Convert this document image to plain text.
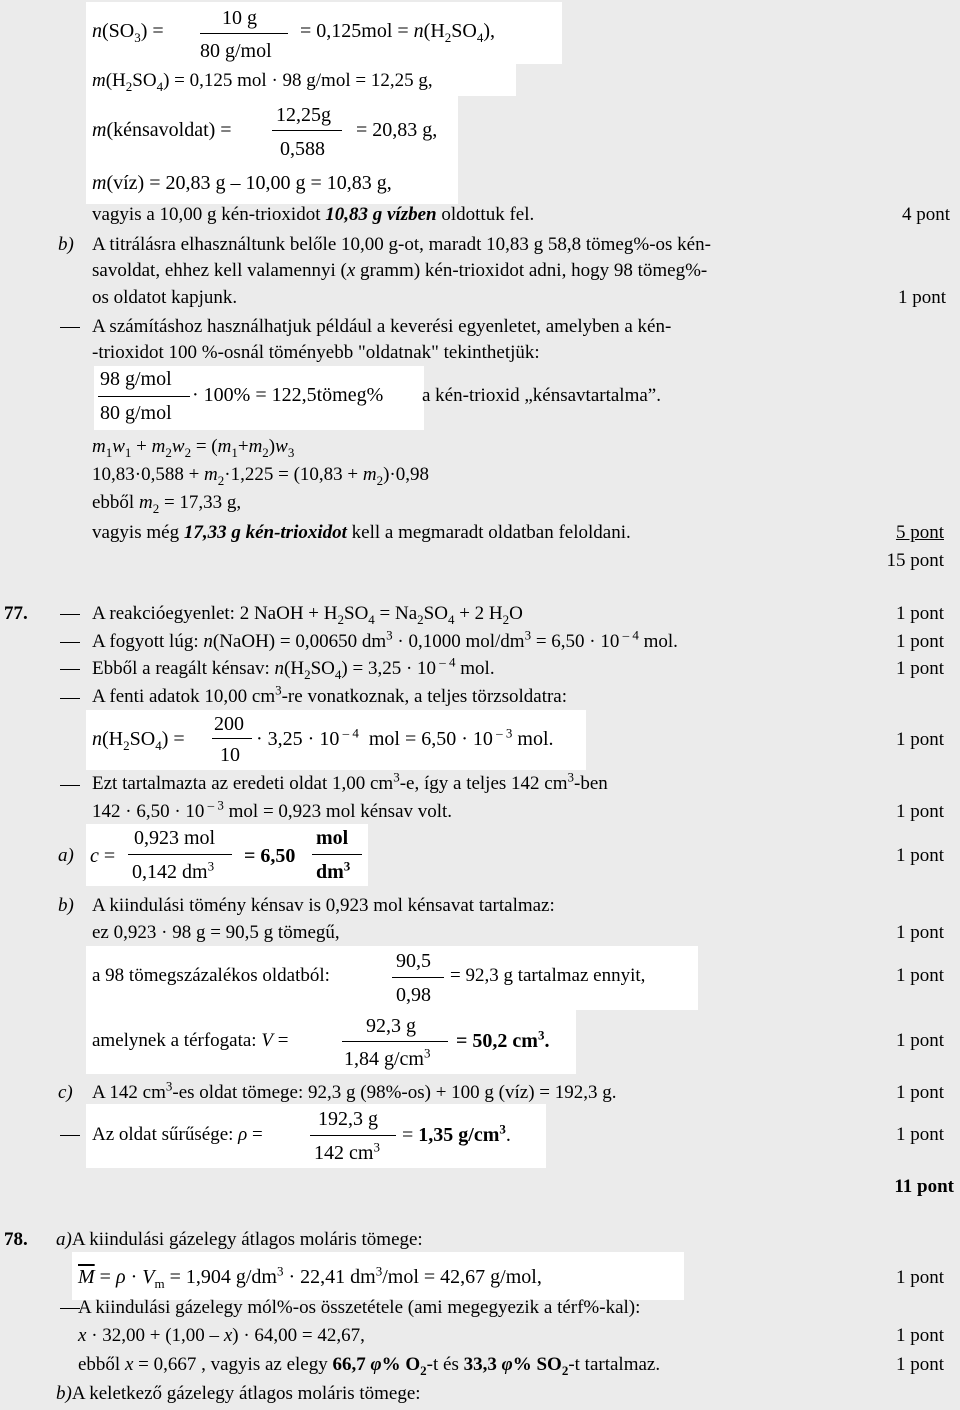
$n(SO_3)$ =
10 g
80 g/mol
= $0,125mol = n(H_2SO_4)$,
$m(H_2SO_4) = 0,125$ mol · 98 g/mol = 12,25 g,
m(kénsavoldat) =
12,25g
0,588
= 20,83 g,
m(víz) = 20,83 g – 10,00 g = 10,83 g,
vagyis a 10,00 g kén-trioxidot 10,83 g vízben oldottuk fel.	4 pont
b) A titrálásra elhasználtunk belőle 10,00 g-ot, maradt 10,83 g 58,8 tömeg%-os kén-
savoldat, ehhez kell valamennyi (x gramm) kén-trioxidot adni, hogy 98 tömeg%-
os oldatot kapjunk.	1 pont
A számításhoz használhatjuk például a keverési egyenletet, amelyben a kén-
-trioxidot 100 %-osnál töményebb "oldatnak" tekinthetjük:
98 g/mol
80 g/mol
· 100% = 122,5tömeg% a kén-trioxid „kénsavtartalma”.
$m_1w_1 + m_2w_2 = (m_1+m_2)w_3$
$10,83\cdot 0,588 + m_2\cdot 1,225 = (10,83 + m_2)\cdot 0,98$
ebből $m_2 = 17,33$ g,
vagyis még 17,33 g kén-trioxidot kell a megmaradt oldatban feloldani.	5 pont
15 pont
77.	A reakcióegyenlet: 2 NaOH + $H_2SO_4 = Na_2SO_4 + 2$ $H_2O$	1 pont
A fogyott lúg: n(NaOH) = 0,00650 $dm^3 \cdot 0,1000$ mol/$dm^3 = 6,50 \cdot 10$ $^{- 4}$ mol.	1 pont
Ebből a reagált kénsav: $n(H_2SO_4) = 3,25 \cdot 10$ $^{- 4}$ mol.	1 pont
A fenti adatok 10,00 $cm^3-re$ vonatkoznak, a teljes törzsoldatra:
$n(H_2SO_4)$ =
200
10
· 3,25 · 10 $^{- 4}$  mol = 6,50 · 10 $^{- 3}$ mol.	1 pont
Ezt tartalmazta az eredeti oldat 1,00 $cm^3-e$, így a teljes 142 $cm^3$-ben
142 · 6,50 · 10 $^{- 3}$ mol = 0,923 mol kénsav volt.	1 pont
a) c =
0,923 mol
0,142 $dm^3 = 6,50$
mol
$dm^3$	1 pont
b) A kiindulási tömény kénsav is 0,923 mol kénsavat tartalmaz:
ez 0,923 · 98 g = 90,5 g tömegű,	1 pont
a 98 tömegszázalékos oldatból:
90,5
0,98
= 92,3 g tartalmaz ennyit,	1 pont
amelynek a térfogata: V =
92,3 g
1,84 $g/cm^3$
= 50,2 $cm^3$.	1 pont
c) A 142 $cm^3-es$ oldat tömege: 92,3 g (98%-os) + 100 g (víz) = 192,3 g.	1 pont
Az oldat sűrűsége: ρ =
192,3 g
142 $cm^3$
= 1,35 $g/cm^3$.	1 pont
11 pont
78. a)A kiindulási gázelegy átlagos moláris tömege:
$\overline{M} = \rho \cdot V_m = 1,904$ $g/dm^3 \cdot 22,41$ $dm^3$/mol = 42,67 g/mol,	1 pont
A kiindulási gázelegy mól%-os összetétele (ami megegyezik a térf%-kal):
x · 32,00 + (1,00 – x) · 64,00 = 42,67,	1 pont
ebből x = 0,667 , vagyis az elegy 66,7 φ% $O_2-t$ és 33,3 φ% $SO_2-t$ tartalmaz.	1 pont
b)A keletkező gázelegy átlagos moláris tömege:
